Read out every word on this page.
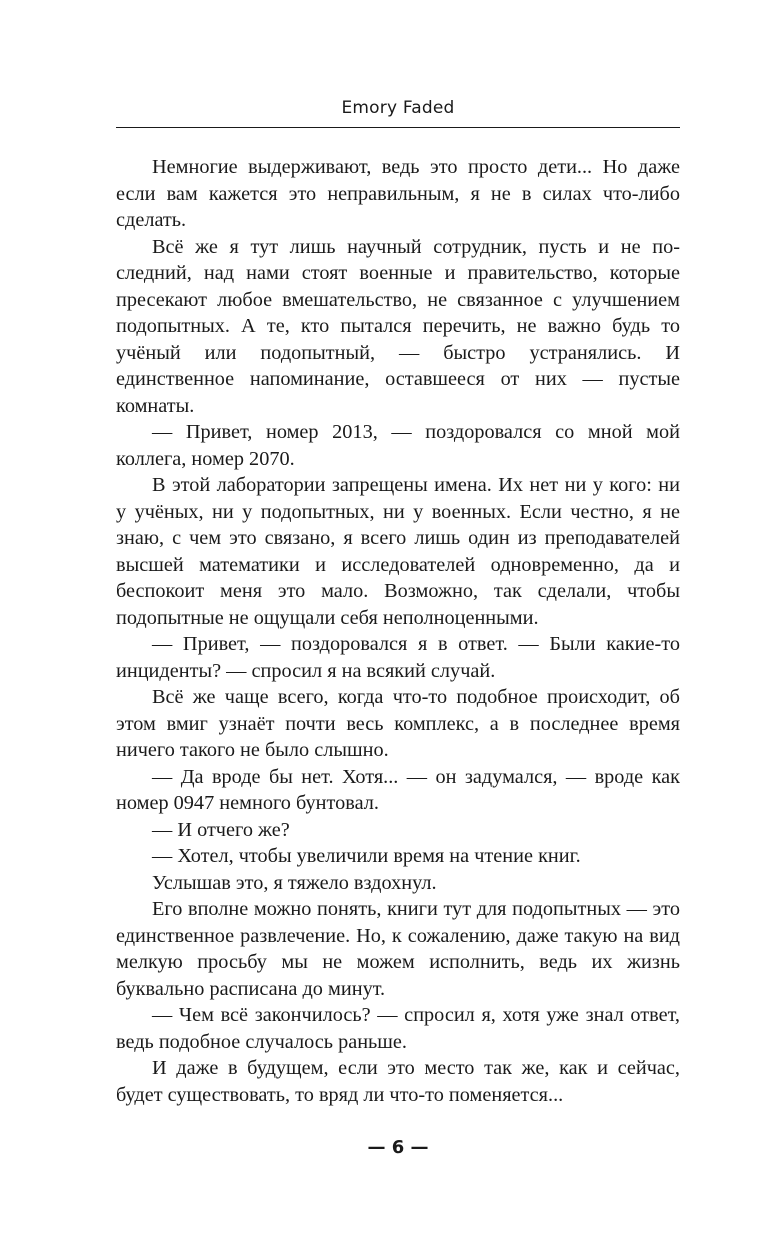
Emory Faded

Немногие выдерживают, ведь это просто дети... Но даже если вам кажется это неправильным, я не в силах что-либо сделать.

Всё же я тут лишь научный сотрудник, пусть и не последний, над нами стоят военные и правительство, которые пресекают любое вмешательство, не связанное с улучшением подопытных. А те, кто пытался перечить, не важно будь то учёный или подопытный, — быстро устранялись. И единственное напоминание, оставшееся от них — пустые комнаты.

— Привет, номер 2013, — поздоровался со мной мой коллега, номер 2070.

В этой лаборатории запрещены имена. Их нет ни у кого: ни у учёных, ни у подопытных, ни у военных. Если честно, я не знаю, с чем это связано, я всего лишь один из преподавателей высшей математики и исследователей одновременно, да и беспокоит меня это мало. Возможно, так сделали, чтобы подопытные не ощущали себя неполноценными.

— Привет, — поздоровался я в ответ. — Были какие-то инциденты? — спросил я на всякий случай.

Всё же чаще всего, когда что-то подобное происходит, об этом вмиг узнаёт почти весь комплекс, а в последнее время ничего такого не было слышно.

— Да вроде бы нет. Хотя... — он задумался, — вроде как номер 0947 немного бунтовал.

— И отчего же?

— Хотел, чтобы увеличили время на чтение книг.

Услышав это, я тяжело вздохнул.

Его вполне можно понять, книги тут для подопытных — это единственное развлечение. Но, к сожалению, даже такую на вид мелкую просьбу мы не можем исполнить, ведь их жизнь буквально расписана до минут.

— Чем всё закончилось? — спросил я, хотя уже знал ответ, ведь подобное случалось раньше.

И даже в будущем, если это место так же, как и сейчас, будет существовать, то вряд ли что-то поменяется...

— 6 —
